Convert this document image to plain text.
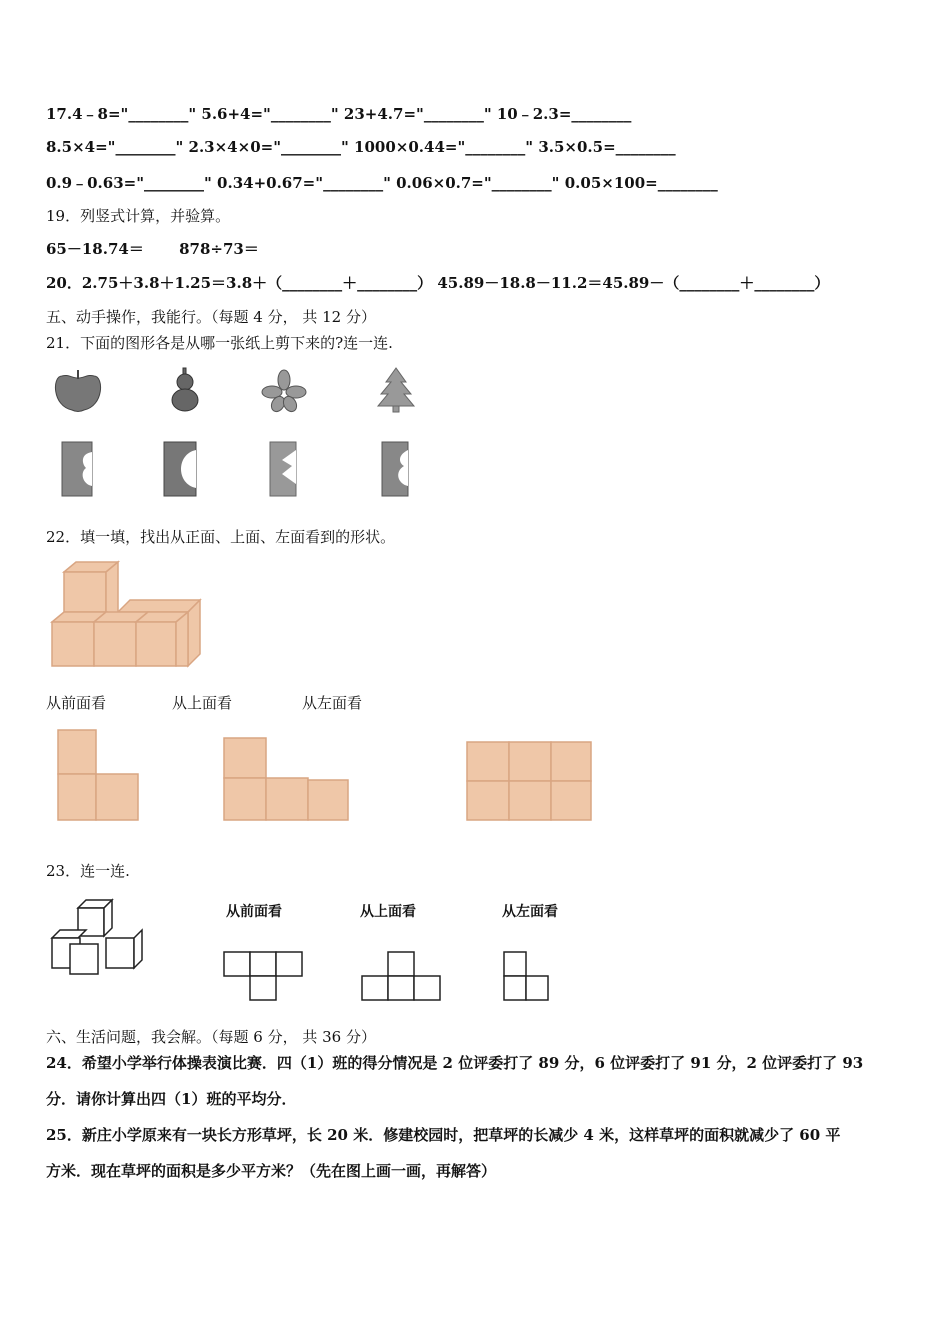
17.4﹣8="________" 5.6+4="________" 23+4.7="________" 10﹣2.3=________
8.5×4="________" 2.3×4×0="________" 1000×0.44="________" 3.5×0.5=________
0.9﹣0.63="________" 0.34+0.67="________" 0.06×0.7="________" 0.05×100=________
19．列竖式计算，并验算。
65－18.74＝　　 878÷73＝
20．2.75＋3.8＋1.25＝3.8＋（________＋________） 45.89－18.8－11.2＝45.89－（________＋________）
五、动手操作，我能行。（每题 4 分， 共 12 分）
21．下面的图形各是从哪一张纸上剪下来的?连一连.
22．填一填，找出从正面、上面、左面看到的形状。
从前面看	从上面看	从左面看
23．连一连.
从前面看	从上面看	从左面看
六、生活问题，我会解。（每题 6 分， 共 36 分）
24．希望小学举行体操表演比赛．四（1）班的得分情况是 2 位评委打了 89 分，6 位评委打了 91 分，2 位评委打了 93
分．请你计算出四（1）班的平均分．
25．新庄小学原来有一块长方形草坪，长 20 米．修建校园时，把草坪的长减少 4 米，这样草坪的面积就减少了 60 平
方米．现在草坪的面积是多少平方米？（先在图上画一画，再解答）
